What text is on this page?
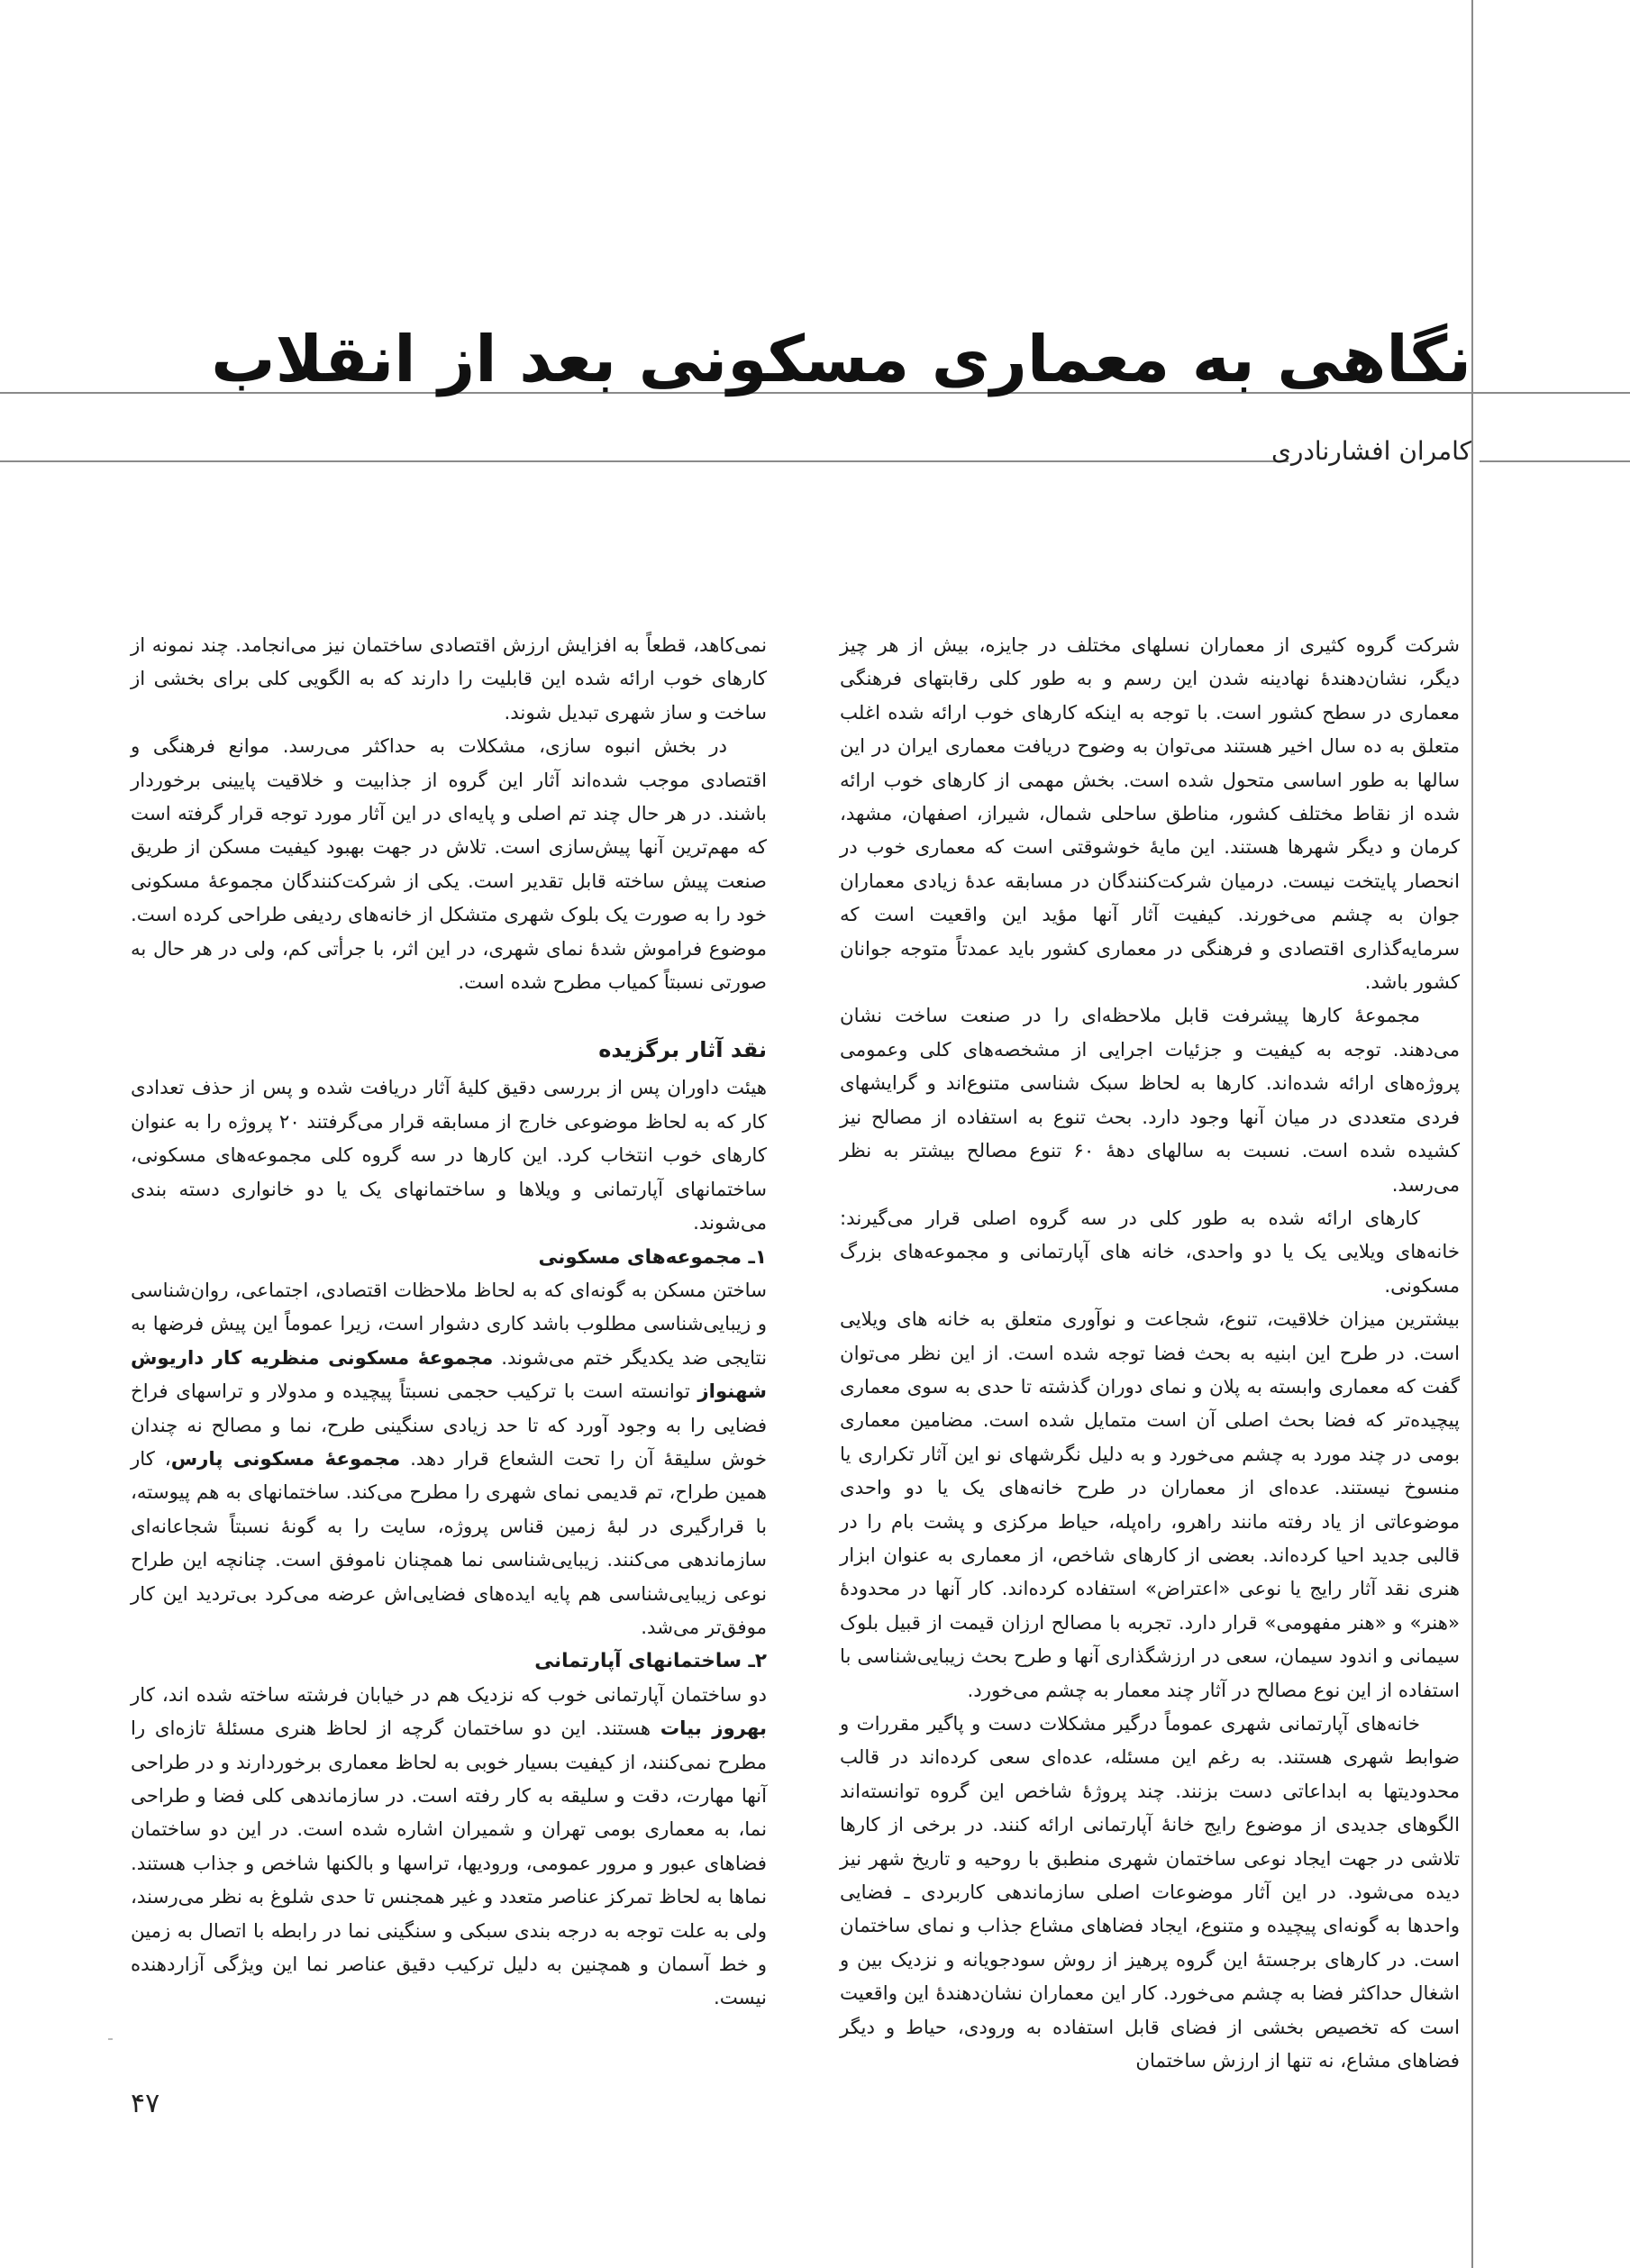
نگاهی به معماری مسکونی بعد از انقلاب
کامران افشارنادری

شرکت گروه کثیری از معماران نسلهای مختلف در جایزه، بیش از هر چیز دیگر، نشان‌دهندهٔ نهادینه شدن این رسم و به طور کلی رقابتهای فرهنگی معماری در سطح کشور است. با توجه به اینکه کارهای خوب ارائه شده اغلب متعلق به ده سال اخیر هستند می‌توان به وضوح دریافت معماری ایران در این سالها به طور اساسی متحول شده است. بخش مهمی از کارهای خوب ارائه شده از نقاط مختلف کشور، مناطق ساحلی شمال، شیراز، اصفهان، مشهد، کرمان و دیگر شهرها هستند. این مایهٔ خوشوقتی است که معماری خوب در انحصار پایتخت نیست. درمیان شرکت‌کنندگان در مسابقه عدهٔ زیادی معماران جوان به چشم می‌خورند. کیفیت آثار آنها مؤید این واقعیت است که سرمایه‌گذاری اقتصادی و فرهنگی در معماری کشور باید عمدتاً متوجه جوانان کشور باشد.

مجموعهٔ کارها پیشرفت قابل ملاحظه‌ای را در صنعت ساخت نشان می‌دهند. توجه به کیفیت و جزئیات اجرایی از مشخصه‌های کلی وعمومی پروژه‌های ارائه شده‌اند. کارها به لحاظ سبک شناسی متنوع‌اند و گرایشهای فردی متعددی در میان آنها وجود دارد. بحث تنوع به استفاده از مصالح نیز کشیده شده است. نسبت به سالهای دههٔ ۶۰ تنوع مصالح بیشتر به نظر می‌رسد.

کارهای ارائه شده به طور کلی در سه گروه اصلی قرار می‌گیرند: خانه‌های ویلایی یک یا دو واحدی، خانه های آپارتمانی و مجموعه‌های بزرگ مسکونی.

بیشترین میزان خلاقیت، تنوع، شجاعت و نوآوری متعلق به خانه های ویلایی است. در طرح این ابنیه به بحث فضا توجه شده است. از این نظر می‌توان گفت که معماری وابسته به پلان و نمای دوران گذشته تا حدی به سوی معماری پیچیده‌تر که فضا بحث اصلی آن است متمایل شده است. مضامین معماری بومی در چند مورد به چشم می‌خورد و به دلیل نگرشهای نو این آثار تکراری یا منسوخ نیستند. عده‌ای از معماران در طرح خانه‌های یک یا دو واحدی موضوعاتی از یاد رفته مانند راهرو، راه‌پله، حیاط مرکزی و پشت بام را در قالبی جدید احیا کرده‌اند. بعضی از کارهای شاخص، از معماری به عنوان ابزار هنری نقد آثار رایج یا نوعی «اعتراض» استفاده کرده‌اند. کار آنها در محدودهٔ «هنر» و «هنر مفهومی» قرار دارد. تجربه با مصالح ارزان قیمت از قبیل بلوک سیمانی و اندود سیمان، سعی در ارزشگذاری آنها و طرح بحث زیبایی‌شناسی با استفاده از این نوع مصالح در آثار چند معمار به چشم می‌خورد.

خانه‌های آپارتمانی شهری عموماً درگیر مشکلات دست و پاگیر مقررات و ضوابط شهری هستند. به رغم این مسئله، عده‌ای سعی کرده‌اند در قالب محدودیتها به ابداعاتی دست بزنند. چند پروژهٔ شاخص این گروه توانسته‌اند الگوهای جدیدی از موضوع رایج خانهٔ آپارتمانی ارائه کنند. در برخی از کارها تلاشی در جهت ایجاد نوعی ساختمان شهری منطبق با روحیه و تاریخ شهر نیز دیده می‌شود. در این آثار موضوعات اصلی سازماندهی کاربردی ـ فضایی واحدها به گونه‌ای پیچیده و متنوع، ایجاد فضاهای مشاع جذاب و نمای ساختمان است. در کارهای برجستهٔ این گروه پرهیز از روش سودجویانه و نزدیک بین و اشغال حداکثر فضا به چشم می‌خورد. کار این معماران نشان‌دهندهٔ این واقعیت است که تخصیص بخشی از فضای قابل استفاده به ورودی، حیاط و دیگر فضاهای مشاع، نه تنها از ارزش ساختمان

نمی‌کاهد، قطعاً به افزایش ارزش اقتصادی ساختمان نیز می‌انجامد. چند نمونه از کارهای خوب ارائه شده این قابلیت را دارند که به الگویی کلی برای بخشی از ساخت و ساز شهری تبدیل شوند.

در بخش انبوه سازی، مشکلات به حداکثر می‌رسد. موانع فرهنگی و اقتصادی موجب شده‌اند آثار این گروه از جذابیت و خلاقیت پایینی برخوردار باشند. در هر حال چند تم اصلی و پایه‌ای در این آثار مورد توجه قرار گرفته است که مهم‌ترین آنها پیش‌سازی است. تلاش در جهت بهبود کیفیت مسکن از طریق صنعت پیش ساخته قابل تقدیر است. یکی از شرکت‌کنندگان مجموعهٔ مسکونی خود را به صورت یک بلوک شهری متشکل از خانه‌های ردیفی طراحی کرده است. موضوع فراموش شدهٔ نمای شهری، در این اثر، با جرأتی کم، ولی در هر حال به صورتی نسبتاً کمیاب مطرح شده است.

نقد آثار برگزیده

هیئت داوران پس از بررسی دقیق کلیهٔ آثار دریافت شده و پس از حذف تعدادی کار که به لحاظ موضوعی خارج از مسابقه قرار می‌گرفتند ۲۰ پروژه را به عنوان کارهای خوب انتخاب کرد. این کارها در سه گروه کلی مجموعه‌های مسکونی، ساختمانهای آپارتمانی و ویلاها و ساختمانهای یک یا دو خانواری دسته بندی می‌شوند.

۱ـ مجموعه‌های مسکونی

ساختن مسکن به گونه‌ای که به لحاظ ملاحظات اقتصادی، اجتماعی، روان‌شناسی و زیبایی‌شناسی مطلوب باشد کاری دشوار است، زیرا عموماً این پیش فرضها به نتایجی ضد یکدیگر ختم می‌شوند. مجموعهٔ مسکونی منظریه کار داریوش شهنواز توانسته است با ترکیب حجمی نسبتاً پیچیده و مدولار و تراسهای فراخ فضایی را به وجود آورد که تا حد زیادی سنگینی طرح، نما و مصالح نه چندان خوش سلیقهٔ آن را تحت الشعاع قرار دهد. مجموعهٔ مسکونی پارس، کار همین طراح، تم قدیمی نمای شهری را مطرح می‌کند. ساختمانهای به هم پیوسته، با قرارگیری در لبهٔ زمین قناس پروژه، سایت را به گونهٔ نسبتاً شجاعانه‌ای سازماندهی می‌کنند. زیبایی‌شناسی نما همچنان ناموفق است. چنانچه این طراح نوعی زیبایی‌شناسی هم پایه ایده‌های فضایی‌اش عرضه می‌کرد بی‌تردید این کار موفق‌تر می‌شد.

۲ـ ساختمانهای آپارتمانی

دو ساختمان آپارتمانی خوب که نزدیک هم در خیابان فرشته ساخته شده اند، کار بهروز بیات هستند. این دو ساختمان گرچه از لحاظ هنری مسئلهٔ تازه‌ای را مطرح نمی‌کنند، از کیفیت بسیار خوبی به لحاظ معماری برخوردارند و در طراحی آنها مهارت، دقت و سلیقه به کار رفته است. در سازماندهی کلی فضا و طراحی نما، به معماری بومی تهران و شمیران اشاره شده است. در این دو ساختمان فضاهای عبور و مرور عمومی، ورودیها، تراسها و بالکنها شاخص و جذاب هستند. نماها به لحاظ تمرکز عناصر متعدد و غیر همجنس تا حدی شلوغ به نظر می‌رسند، ولی به علت توجه به درجه بندی سبکی و سنگینی نما در رابطه با اتصال به زمین و خط آسمان و همچنین به دلیل ترکیب دقیق عناصر نما این ویژگی آزاردهنده نیست.

۴۷
